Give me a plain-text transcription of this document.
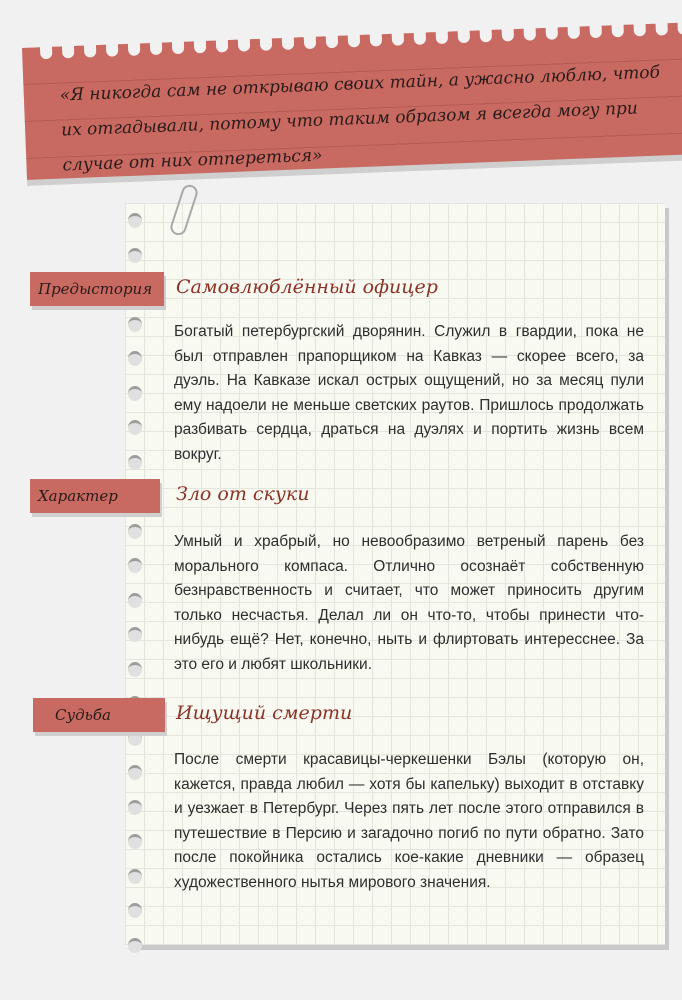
«Я никогда сам не открываю своих тайн, а ужасно люблю, чтоб их отгадывали, потому что таким образом я всегда могу при случае от них отпереться»
Предыстория	Самовлюблённый офицер
Богатый петербургский дворянин. Служил в гвардии, пока не был отправлен прапорщиком на Кавказ — скорее всего, за дуэль. На Кавказе искал острых ощущений, но за месяц пули ему надоели не меньше светских раутов. Пришлось продолжать разбивать сердца, драться на дуэлях и портить жизнь всем вокруг.
Характер	Зло от скуки
Умный и храбрый, но невообразимо ветреный парень без морального компаса. Отлично осознаёт собственную безнравственность и считает, что может приносить другим только несчастья. Делал ли он что-то, чтобы принести что-нибудь ещё? Нет, конечно, ныть и флиртовать интересснее. За это его и любят школьники.
Судьба	Ищущий смерти
После смерти красавицы-черкешенки Бэлы (которую он, кажется, правда любил — хотя бы капельку) выходит в отставку и уезжает в Петербург. Через пять лет после этого отправился в путешествие в Персию и загадочно погиб по пути обратно. Зато после покойника остались кое-какие дневники — образец художественного нытья мирового значения.
